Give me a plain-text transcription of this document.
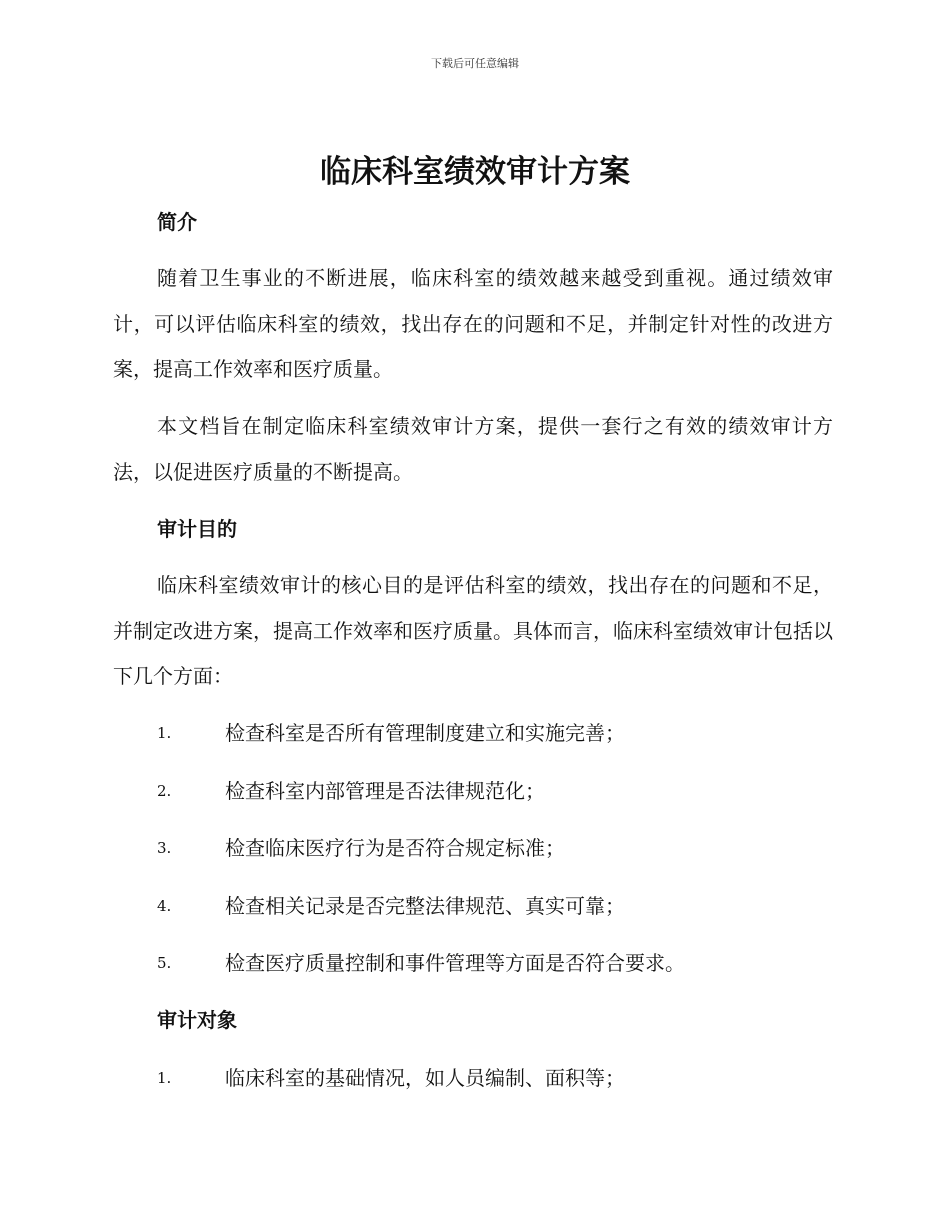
下载后可任意编辑
临床科室绩效审计方案
简介

随着卫生事业的不断进展，临床科室的绩效越来越受到重视。通过绩效审计，可以评估临床科室的绩效，找出存在的问题和不足，并制定针对性的改进方案，提高工作效率和医疗质量。

本文档旨在制定临床科室绩效审计方案，提供一套行之有效的绩效审计方法，以促进医疗质量的不断提高。

审计目的

临床科室绩效审计的核心目的是评估科室的绩效，找出存在的问题和不足，并制定改进方案，提高工作效率和医疗质量。具体而言，临床科室绩效审计包括以下几个方面：

1.	检查科室是否所有管理制度建立和实施完善；
2.	检查科室内部管理是否法律规范化；
3.	检查临床医疗行为是否符合规定标准；
4.	检查相关记录是否完整法律规范、真实可靠；
5.	检查医疗质量控制和事件管理等方面是否符合要求。
审计对象
1.	临床科室的基础情况，如人员编制、面积等；
